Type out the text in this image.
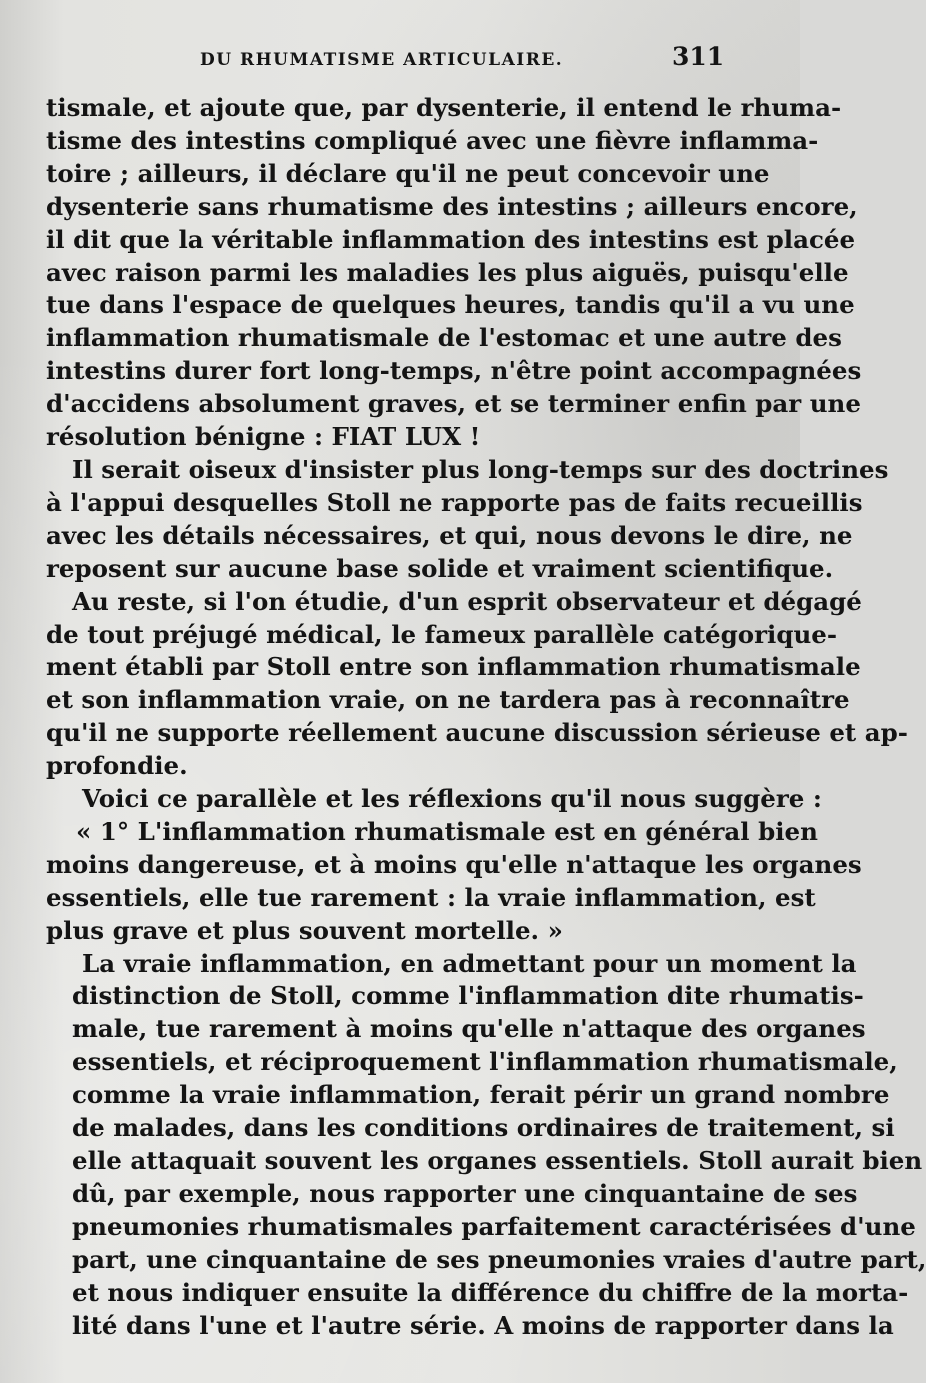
DU RHUMATISME ARTICULAIRE.	311
tismale, et ajoute que, par dysenterie, il entend le rhuma-
tisme des intestins compliqué avec une fièvre inflamma-
toire ; ailleurs, il déclare qu'il ne peut concevoir une
dysenterie sans rhumatisme des intestins ; ailleurs encore,
il dit que la véritable inflammation des intestins est placée
avec raison parmi les maladies les plus aiguës, puisqu'elle
tue dans l'espace de quelques heures, tandis qu'il a vu une
inflammation rhumatismale de l'estomac et une autre des
intestins durer fort long-temps, n'être point accompagnées
d'accidens absolument graves, et se terminer enfin par une
résolution bénigne : FIAT LUX !
Il serait oiseux d'insister plus long-temps sur des doctrines
à l'appui desquelles Stoll ne rapporte pas de faits recueillis
avec les détails nécessaires, et qui, nous devons le dire, ne
reposent sur aucune base solide et vraiment scientifique.
Au reste, si l'on étudie, d'un esprit observateur et dégagé
de tout préjugé médical, le fameux parallèle catégorique-
ment établi par Stoll entre son inflammation rhumatismale
et son inflammation vraie, on ne tardera pas à reconnaître
qu'il ne supporte réellement aucune discussion sérieuse et ap-
profondie.
Voici ce parallèle et les réflexions qu'il nous suggère :
« 1° L'inflammation rhumatismale est en général bien
moins dangereuse, et à moins qu'elle n'attaque les organes
essentiels, elle tue rarement : la vraie inflammation, est
plus grave et plus souvent mortelle. »
La vraie inflammation, en admettant pour un moment la
distinction de Stoll, comme l'inflammation dite rhumatis-
male, tue rarement à moins qu'elle n'attaque des organes
essentiels, et réciproquement l'inflammation rhumatismale,
comme la vraie inflammation, ferait périr un grand nombre
de malades, dans les conditions ordinaires de traitement, si
elle attaquait souvent les organes essentiels. Stoll aurait bien
dû, par exemple, nous rapporter une cinquantaine de ses
pneumonies rhumatismales parfaitement caractérisées d'une
part, une cinquantaine de ses pneumonies vraies d'autre part,
et nous indiquer ensuite la différence du chiffre de la morta-
lité dans l'une et l'autre série. A moins de rapporter dans la
